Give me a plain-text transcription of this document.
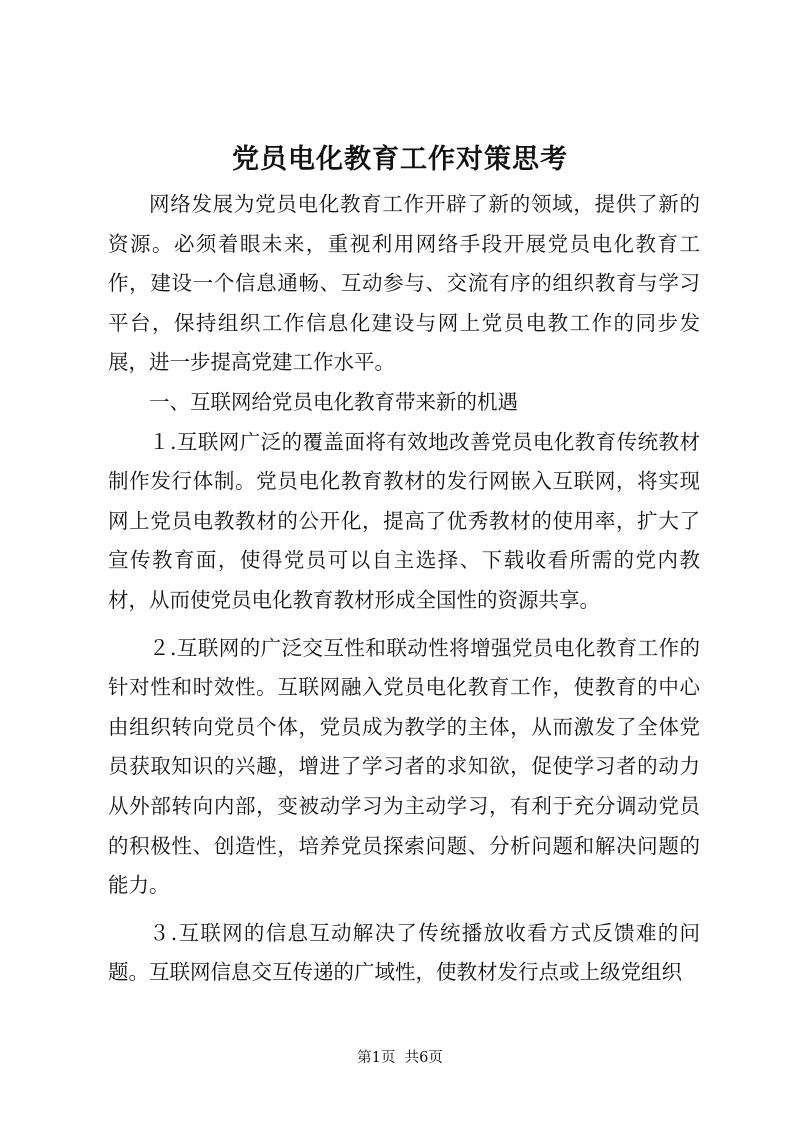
党员电化教育工作对策思考

网络发展为党员电化教育工作开辟了新的领域，提供了新的资源。必须着眼未来，重视利用网络手段开展党员电化教育工作，建设一个信息通畅、互动参与、交流有序的组织教育与学习平台，保持组织工作信息化建设与网上党员电教工作的同步发展，进一步提高党建工作水平。

一、互联网给党员电化教育带来新的机遇

１.互联网广泛的覆盖面将有效地改善党员电化教育传统教材制作发行体制。党员电化教育教材的发行网嵌入互联网，将实现网上党员电教教材的公开化，提高了优秀教材的使用率，扩大了宣传教育面，使得党员可以自主选择、下载收看所需的党内教材，从而使党员电化教育教材形成全国性的资源共享。

２.互联网的广泛交互性和联动性将增强党员电化教育工作的针对性和时效性。互联网融入党员电化教育工作，使教育的中心由组织转向党员个体，党员成为教学的主体，从而激发了全体党员获取知识的兴趣，增进了学习者的求知欲，促使学习者的动力从外部转向内部，变被动学习为主动学习，有利于充分调动党员的积极性、创造性，培养党员探索问题、分析问题和解决问题的能力。

３.互联网的信息互动解决了传统播放收看方式反馈难的问题。互联网信息交互传递的广域性，使教材发行点或上级党组织

第1页 共6页
